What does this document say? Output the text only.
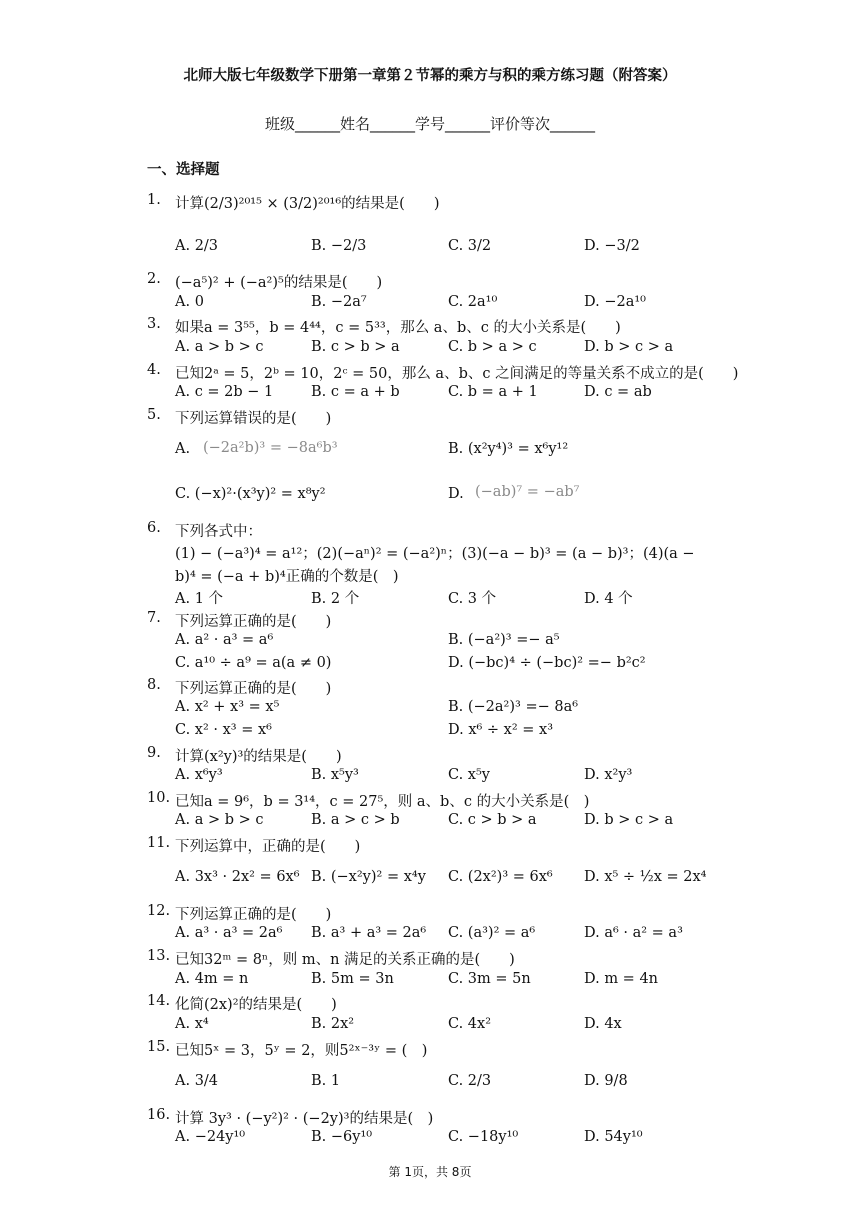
北师大版七年级数学下册第一章第２节幂的乘方与积的乘方练习题（附答案）
班级______姓名______学号______评价等次______
一、选择题
1. 计算(2/3)²⁰¹⁵ × (3/2)²⁰¹⁶的结果是(　　)
A. 2/3	B. −2/3	C. 3/2	D. −3/2
2. (−a⁵)² + (−a²)⁵的结果是(　　)
A. 0	B. −2a⁷	C. 2a¹⁰	D. −2a¹⁰
3. 如果a = 3⁵⁵，b = 4⁴⁴，c = 5³³，那么 a、b、c 的大小关系是(　　)
A. a > b > c	B. c > b > a	C. b > a > c	D. b > c > a
4. 已知2ᵃ = 5，2ᵇ = 10，2ᶜ = 50，那么 a、b、c 之间满足的等量关系不成立的是(　　)
A. c = 2b − 1	B. c = a + b	C. b = a + 1	D. c = ab
5. 下列运算错误的是(　　)
A. (−2a²b)³ = −8a⁶b³	B. (x²y⁴)³ = x⁶y¹²
C. (−x)²·(x³y)² = x⁸y²	D. (−ab)⁷ = −ab⁷
6. 下列各式中：
(1) − (−a³)⁴ = a¹²；(2)(−aⁿ)² = (−a²)ⁿ；(3)(−a − b)³ = (a − b)³；(4)(a −
b)⁴ = (−a + b)⁴正确的个数是(　)
A. 1 个	B. 2 个	C. 3 个	D. 4 个
7. 下列运算正确的是(　　)
A. a² · a³ = a⁶	B. (−a²)³ =− a⁵
C. a¹⁰ ÷ a⁹ = a(a ≠ 0)	D. (−bc)⁴ ÷ (−bc)² =− b²c²
8. 下列运算正确的是(　　)
A. x² + x³ = x⁵	B. (−2a²)³ =− 8a⁶
C. x² · x³ = x⁶	D. x⁶ ÷ x² = x³
9. 计算(x²y)³的结果是(　　)
A. x⁶y³	B. x⁵y³	C. x⁵y	D. x²y³
10. 已知a = 9⁶，b = 3¹⁴，c = 27⁵，则 a、b、c 的大小关系是(　)
A. a > b > c	B. a > c > b	C. c > b > a	D. b > c > a
11. 下列运算中，正确的是(　　)
A. 3x³ · 2x² = 6x⁶ B. (−x²y)² = x⁴y C. (2x²)³ = 6x⁶ D. x⁵ ÷ ½x = 2x⁴
12. 下列运算正确的是(　　)
A. a³ · a³ = 2a⁶ B. a³ + a³ = 2a⁶ C. (a³)² = a⁶	D. a⁶ · a² = a³
13. 已知32ᵐ = 8ⁿ，则 m、n 满足的关系正确的是(　　)
A. 4m = n	B. 5m = 3n	C. 3m = 5n	D. m = 4n
14. 化简(2x)²的结果是(　　)
A. x⁴	B. 2x²	C. 4x²	D. 4x
15. 已知5ˣ = 3，5ʸ = 2，则5²ˣ⁻³ʸ = (　)
A. 3/4	B. 1	C. 2/3	D. 9/8
16. 计算 3y³ · (−y²)² · (−2y)³的结果是(　)
A. −24y¹⁰	B. −6y¹⁰	C. −18y¹⁰	D. 54y¹⁰
第 1页，共 8页
